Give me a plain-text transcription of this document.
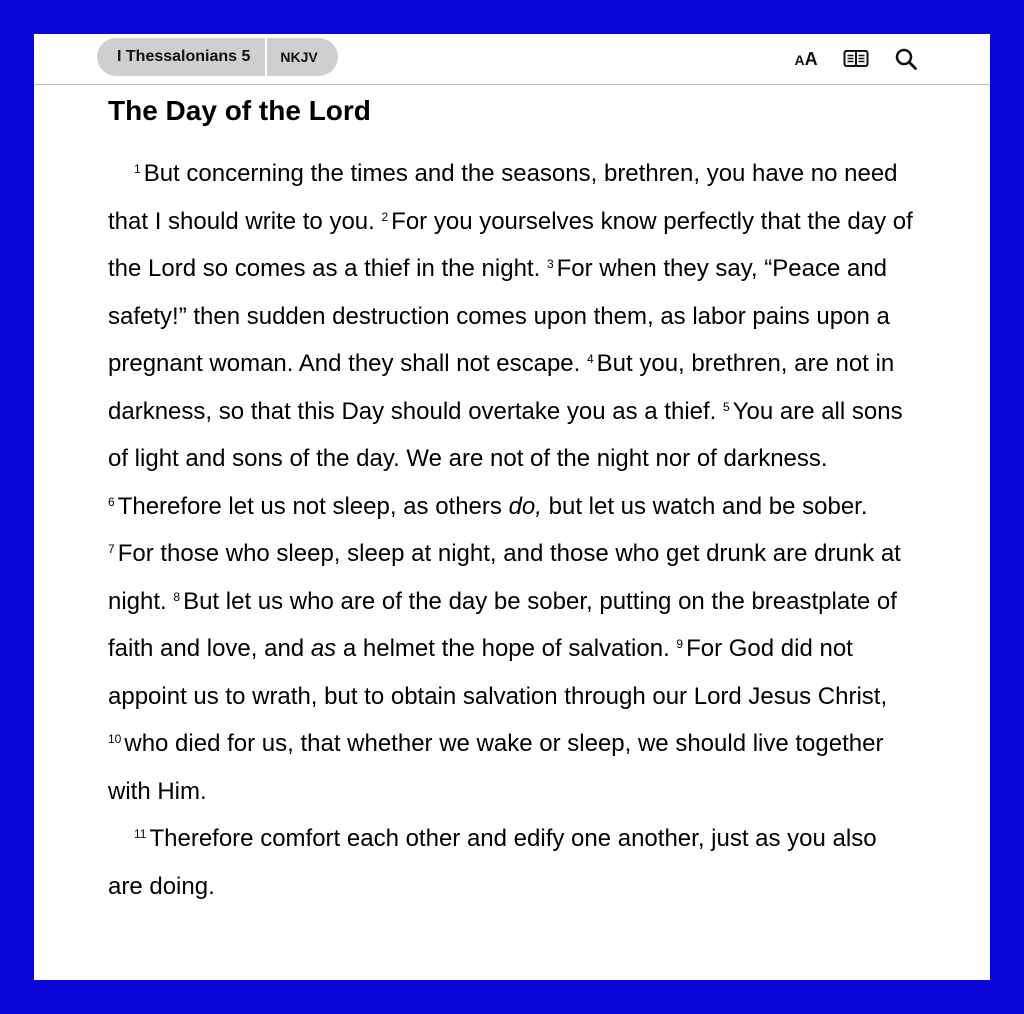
I Thessalonians 5	NKJV	AA
The Day of the Lord

$^1$ But concerning the times and the seasons, brethren, you have no need that I should write to you. $^2$ For you yourselves know perfectly that the day of the Lord so comes as a thief in the night. $^3$ For when they say, “Peace and safety!” then sudden destruction comes upon them, as labor pains upon a pregnant woman. And they shall not escape. $^4$ But you, brethren, are not in darkness, so that this Day should overtake you as a thief. $^5$ You are all sons of light and sons of the day. We are not of the night nor of darkness. $^6$ Therefore let us not sleep, as others do, but let us watch and be sober. $^7$ For those who sleep, sleep at night, and those who get drunk are drunk at night. $^8$ But let us who are of the day be sober, putting on the breastplate of faith and love, and as a helmet the hope of salvation. $^9$ For God did not appoint us to wrath, but to obtain salvation through our Lord Jesus Christ, $^{10}$ who died for us, that whether we wake or sleep, we should live together with Him.

$^{11}$ Therefore comfort each other and edify one another, just as you also are doing.
